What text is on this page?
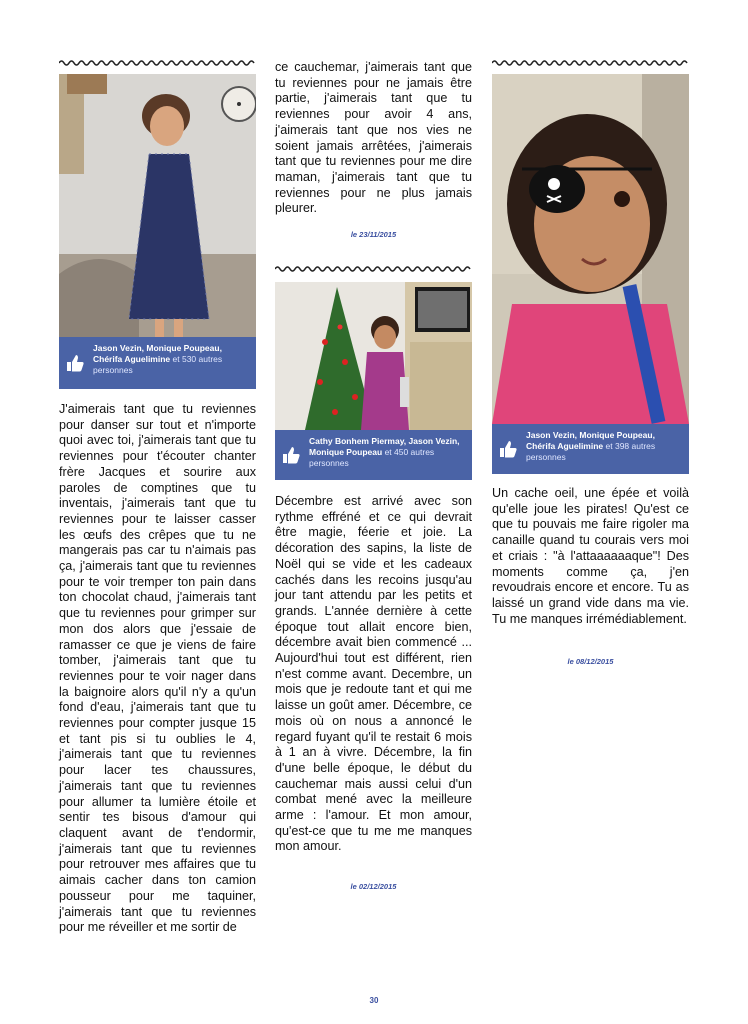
Jason Vezin, Monique Poupeau, Chérifa Aguelimine et 530 autres personnes
J'aimerais tant que tu reviennes pour danser sur tout et n'importe quoi avec toi, j'aimerais tant que tu reviennes pour t'écouter chanter frère Jacques et sourire aux paroles de comptines que tu inventais, j'aimerais tant que tu reviennes pour te laisser casser les œufs des crêpes que tu ne mangerais pas car tu n'aimais pas ça, j'aimerais tant que tu reviennes pour te voir tremper ton pain dans ton chocolat chaud, j'aimerais tant que tu reviennes pour grimper sur mon dos alors que j'essaie de ramasser ce que je viens de faire tomber, j'aimerais tant que tu reviennes pour te voir nager dans la baignoire alors qu'il n'y a qu'un fond d'eau, j'aimerais tant que tu reviennes pour compter jusque 15 et tant pis si tu oublies le 4, j'aimerais tant que tu reviennes pour lacer tes chaussures, j'aimerais tant que tu reviennes pour allumer ta lumière étoile et sentir tes bisous d'amour qui claquent avant de t'endormir, j'aimerais tant que tu reviennes pour retrouver mes affaires que tu aimais cacher dans ton camion pousseur pour me taquiner, j'aimerais tant que tu reviennes pour me réveiller et me sortir de
ce cauchemar, j'aimerais tant que tu reviennes pour ne jamais être partie, j'aimerais tant que tu reviennes pour avoir 4 ans, j'aimerais tant que nos vies ne soient jamais arrêtées, j'aimerais tant que tu reviennes pour me dire maman, j'aimerais tant que tu reviennes pour ne plus jamais pleurer.
le 23/11/2015
Cathy Bonhem Piermay, Jason Vezin, Monique Poupeau et 450 autres personnes
Décembre est arrivé avec son rythme effréné et ce qui devrait être magie, féerie et joie. La décoration des sapins, la liste de Noël qui se vide et les cadeaux cachés dans les recoins jusqu'au jour tant attendu par les petits et grands. L'année dernière à cette époque tout allait encore bien, décembre avait bien commencé ... Aujourd'hui tout est différent, rien n'est comme avant. Decembre, un mois que je redoute tant et qui me laisse un goût amer. Décembre, ce mois où on nous a annoncé le regard fuyant qu'il te restait 6 mois à 1 an à vivre. Décembre, la fin d'une belle époque, le début du cauchemar mais aussi celui d'un combat mené avec la meilleure arme : l'amour. Et mon amour, qu'est-ce que tu me me manques mon amour.
le 02/12/2015
Jason Vezin, Monique Poupeau, Chérifa Aguelimine et 398 autres personnes
Un cache oeil, une épée et voilà qu'elle joue les pirates! Qu'est ce que tu pouvais me faire rigoler ma canaille quand tu courais vers moi et criais : "à l'attaaaaaaque"! Des moments comme ça, j'en revoudrais encore et encore. Tu as laissé un grand vide dans ma vie. Tu me manques irrémédiablement.
le 08/12/2015
30
